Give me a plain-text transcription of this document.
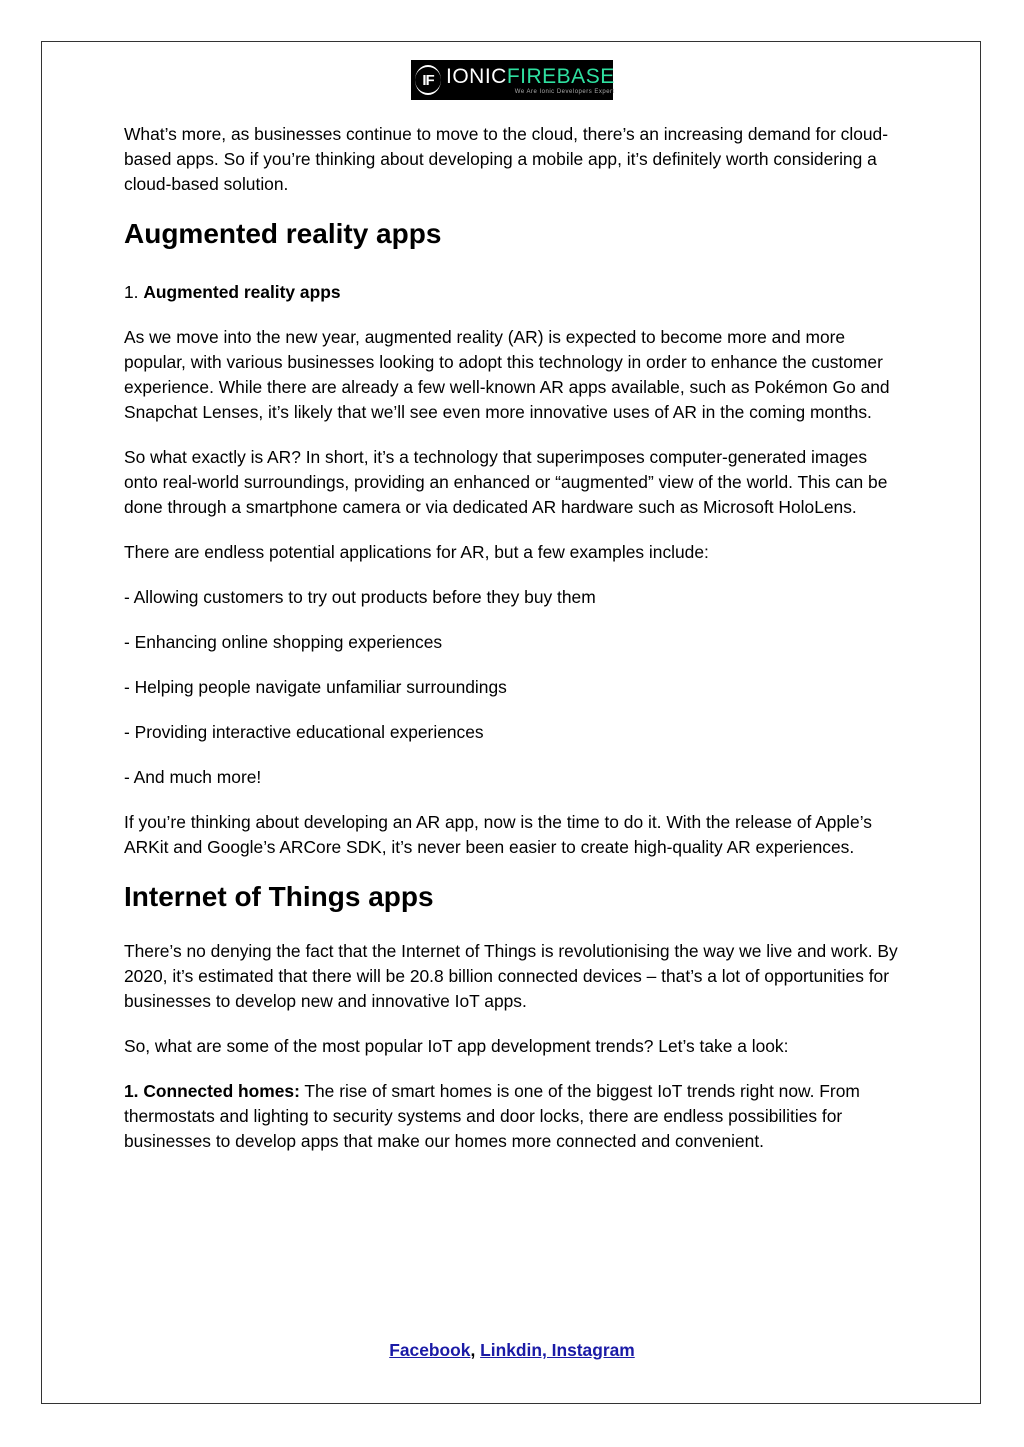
IF IONICFIREBASE
We Are Ionic Developers Expert

What’s more, as businesses continue to move to the cloud, there’s an increasing demand for cloud-based apps. So if you’re thinking about developing a mobile app, it’s definitely worth considering a cloud-based solution.

Augmented reality apps

1. Augmented reality apps

As we move into the new year, augmented reality (AR) is expected to become more and more popular, with various businesses looking to adopt this technology in order to enhance the customer experience. While there are already a few well-known AR apps available, such as Pokémon Go and Snapchat Lenses, it’s likely that we’ll see even more innovative uses of AR in the coming months.

So what exactly is AR? In short, it’s a technology that superimposes computer-generated images onto real-world surroundings, providing an enhanced or “augmented” view of the world. This can be done through a smartphone camera or via dedicated AR hardware such as Microsoft HoloLens.

There are endless potential applications for AR, but a few examples include:

- Allowing customers to try out products before they buy them

- Enhancing online shopping experiences

- Helping people navigate unfamiliar surroundings

- Providing interactive educational experiences

- And much more!

If you’re thinking about developing an AR app, now is the time to do it. With the release of Apple’s ARKit and Google’s ARCore SDK, it’s never been easier to create high-quality AR experiences.

Internet of Things apps

There’s no denying the fact that the Internet of Things is revolutionising the way we live and work. By 2020, it’s estimated that there will be 20.8 billion connected devices – that’s a lot of opportunities for businesses to develop new and innovative IoT apps.

So, what are some of the most popular IoT app development trends? Let’s take a look:

1. Connected homes: The rise of smart homes is one of the biggest IoT trends right now. From thermostats and lighting to security systems and door locks, there are endless possibilities for businesses to develop apps that make our homes more connected and convenient.

Facebook, Linkdin, Instagram
